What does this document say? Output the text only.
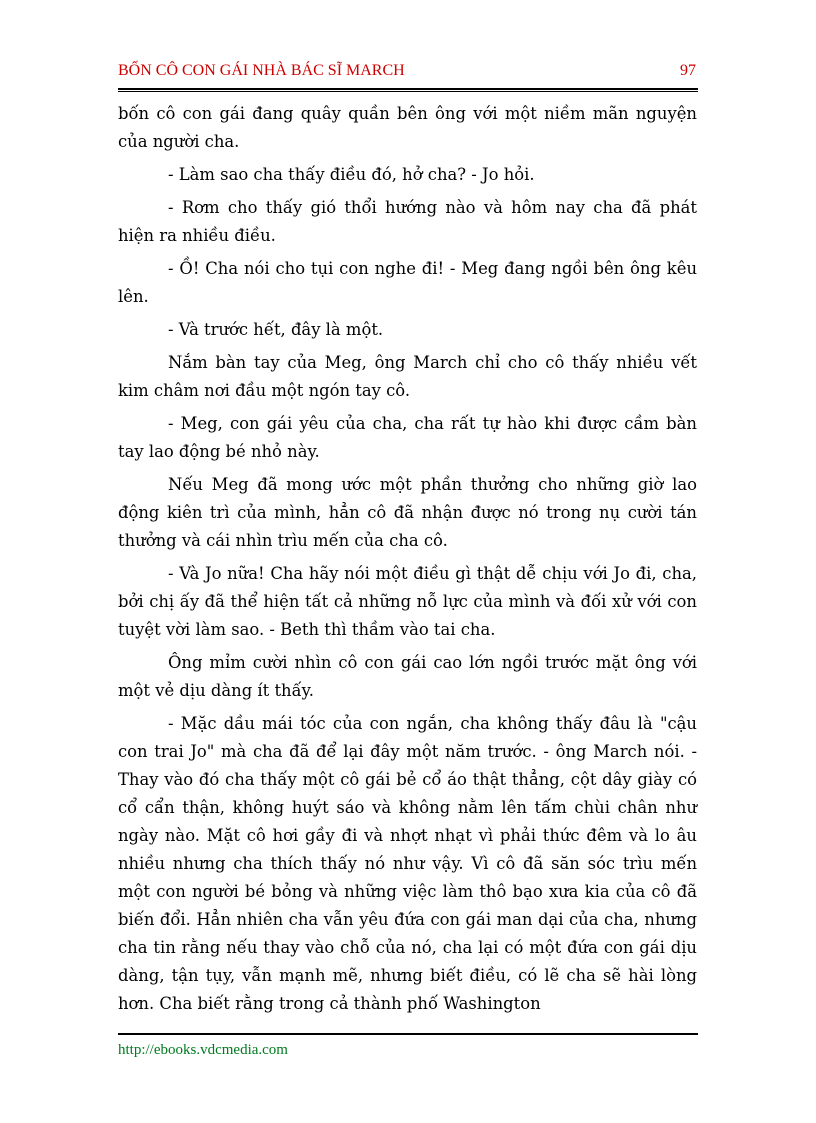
BỐN CÔ CON GÁI NHÀ BÁC SĨ MARCH	97

bốn cô con gái đang quây quần bên ông với một niềm mãn nguyện của người cha.

- Làm sao cha thấy điều đó, hở cha? - Jo hỏi.

- Rơm cho thấy gió thổi hướng nào và hôm nay cha đã phát hiện ra nhiều điều.

- Ồ! Cha nói cho tụi con nghe đi! - Meg đang ngồi bên ông kêu lên.

- Và trước hết, đây là một.

Nắm bàn tay của Meg, ông March chỉ cho cô thấy nhiều vết kim châm nơi đầu một ngón tay cô.

- Meg, con gái yêu của cha, cha rất tự hào khi được cầm bàn tay lao động bé nhỏ này.

Nếu Meg đã mong ước một phần thưởng cho những giờ lao động kiên trì của mình, hẳn cô đã nhận được nó trong nụ cười tán thưởng và cái nhìn trìu mến của cha cô.

- Và Jo nữa! Cha hãy nói một điều gì thật dễ chịu với Jo đi, cha, bởi chị ấy đã thể hiện tất cả những nỗ lực của mình và đối xử với con tuyệt vời làm sao. - Beth thì thầm vào tai cha.

Ông mỉm cười nhìn cô con gái cao lớn ngồi trước mặt ông với một vẻ dịu dàng ít thấy.

- Mặc dầu mái tóc của con ngắn, cha không thấy đâu là "cậu con trai Jo" mà cha đã để lại đây một năm trước. - ông March nói. - Thay vào đó cha thấy một cô gái bẻ cổ áo thật thẳng, cột dây giày có cổ cẩn thận, không huýt sáo và không nằm lên tấm chùi chân như ngày nào. Mặt cô hơi gầy đi và nhợt nhạt vì phải thức đêm và lo âu nhiều nhưng cha thích thấy nó như vậy. Vì cô đã săn sóc trìu mến một con người bé bỏng và những việc làm thô bạo xưa kia của cô đã biến đổi. Hẳn nhiên cha vẫn yêu đứa con gái man dại của cha, nhưng cha tin rằng nếu thay vào chỗ của nó, cha lại có một đứa con gái dịu dàng, tận tụy, vẫn mạnh mẽ, nhưng biết điều, có lẽ cha sẽ hài lòng hơn. Cha biết rằng trong cả thành phố Washington

http://ebooks.vdcmedia.com
